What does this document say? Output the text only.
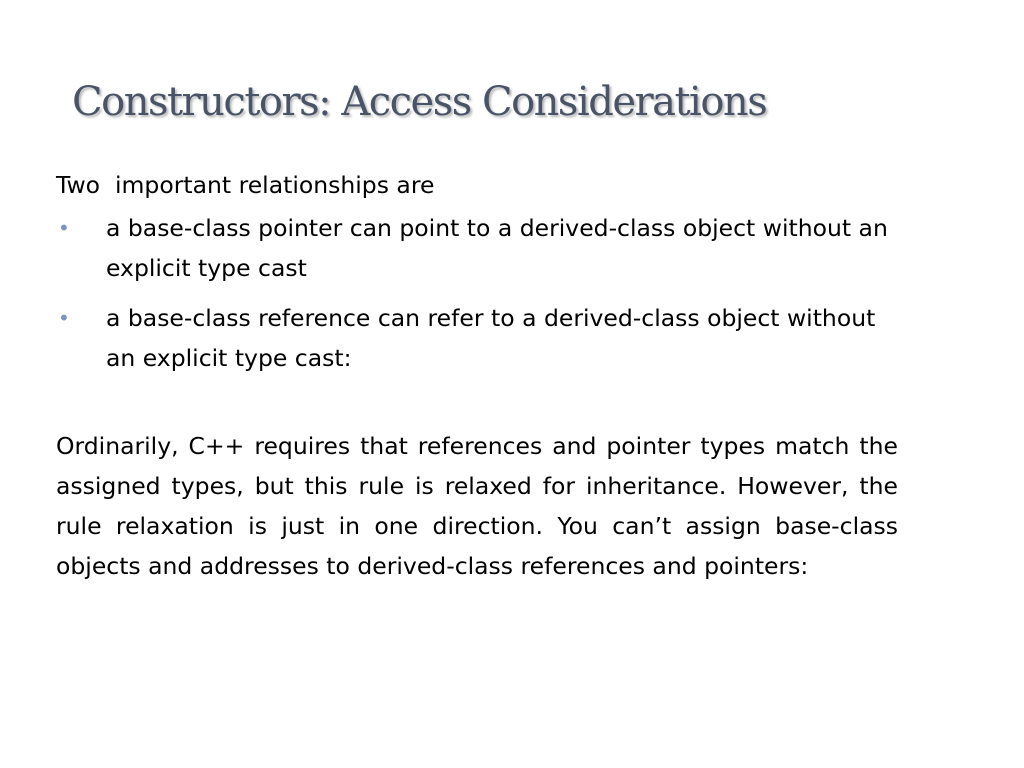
Constructors: Access Considerations

Two  important relationships are

• a base-class pointer can point to a derived-class object without an explicit type cast
• a base-class reference can refer to a derived-class object without an explicit type cast:

Ordinarily, C++ requires that references and pointer types match the assigned types, but this rule is relaxed for inheritance. However, the rule relaxation is just in one direction. You can’t assign base-class objects and addresses to derived-class references and pointers:
